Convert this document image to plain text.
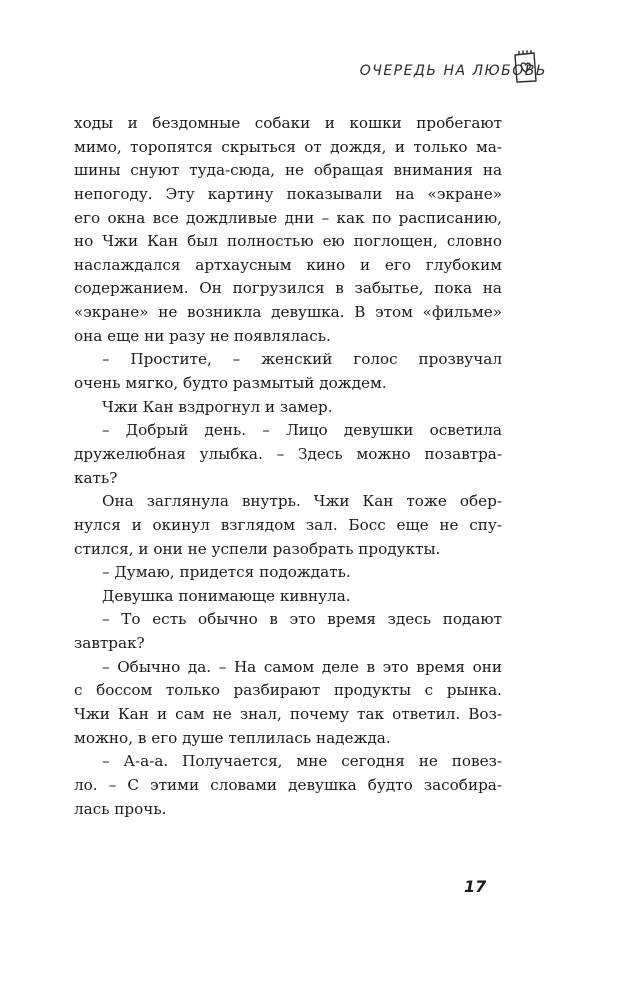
ОЧЕРЕДЬ НА ЛЮБОВЬ
ходы и бездомные собаки и кошки пробегают
мимо, торопятся скрыться от дождя, и только ма-
шины снуют туда-сюда, не обращая внимания на
непогоду. Эту картину показывали на «экране»
его окна все дождливые дни – как по расписанию,
но Чжи Кан был полностью ею поглощен, словно
наслаждался артхаусным кино и его глубоким
содержанием. Он погрузился в забытье, пока на
«экране» не возникла девушка. В этом «фильме»
она еще ни разу не появлялась.
– Простите, – женский голос прозвучал
очень мягко, будто размытый дождем.
Чжи Кан вздрогнул и замер.
– Добрый день. – Лицо девушки осветила
дружелюбная улыбка. – Здесь можно позавтра-
кать?
Она заглянула внутрь. Чжи Кан тоже обер-
нулся и окинул взглядом зал. Босс еще не спу-
стился, и они не успели разобрать продукты.
– Думаю, придется подождать.
Девушка понимающе кивнула.
– То есть обычно в это время здесь подают
завтрак?
– Обычно да. – На самом деле в это время они
с боссом только разбирают продукты с рынка.
Чжи Кан и сам не знал, почему так ответил. Воз-
можно, в его душе теплилась надежда.
– А-а-а. Получается, мне сегодня не повез-
ло. – С этими словами девушка будто засобира-
лась прочь.
17
